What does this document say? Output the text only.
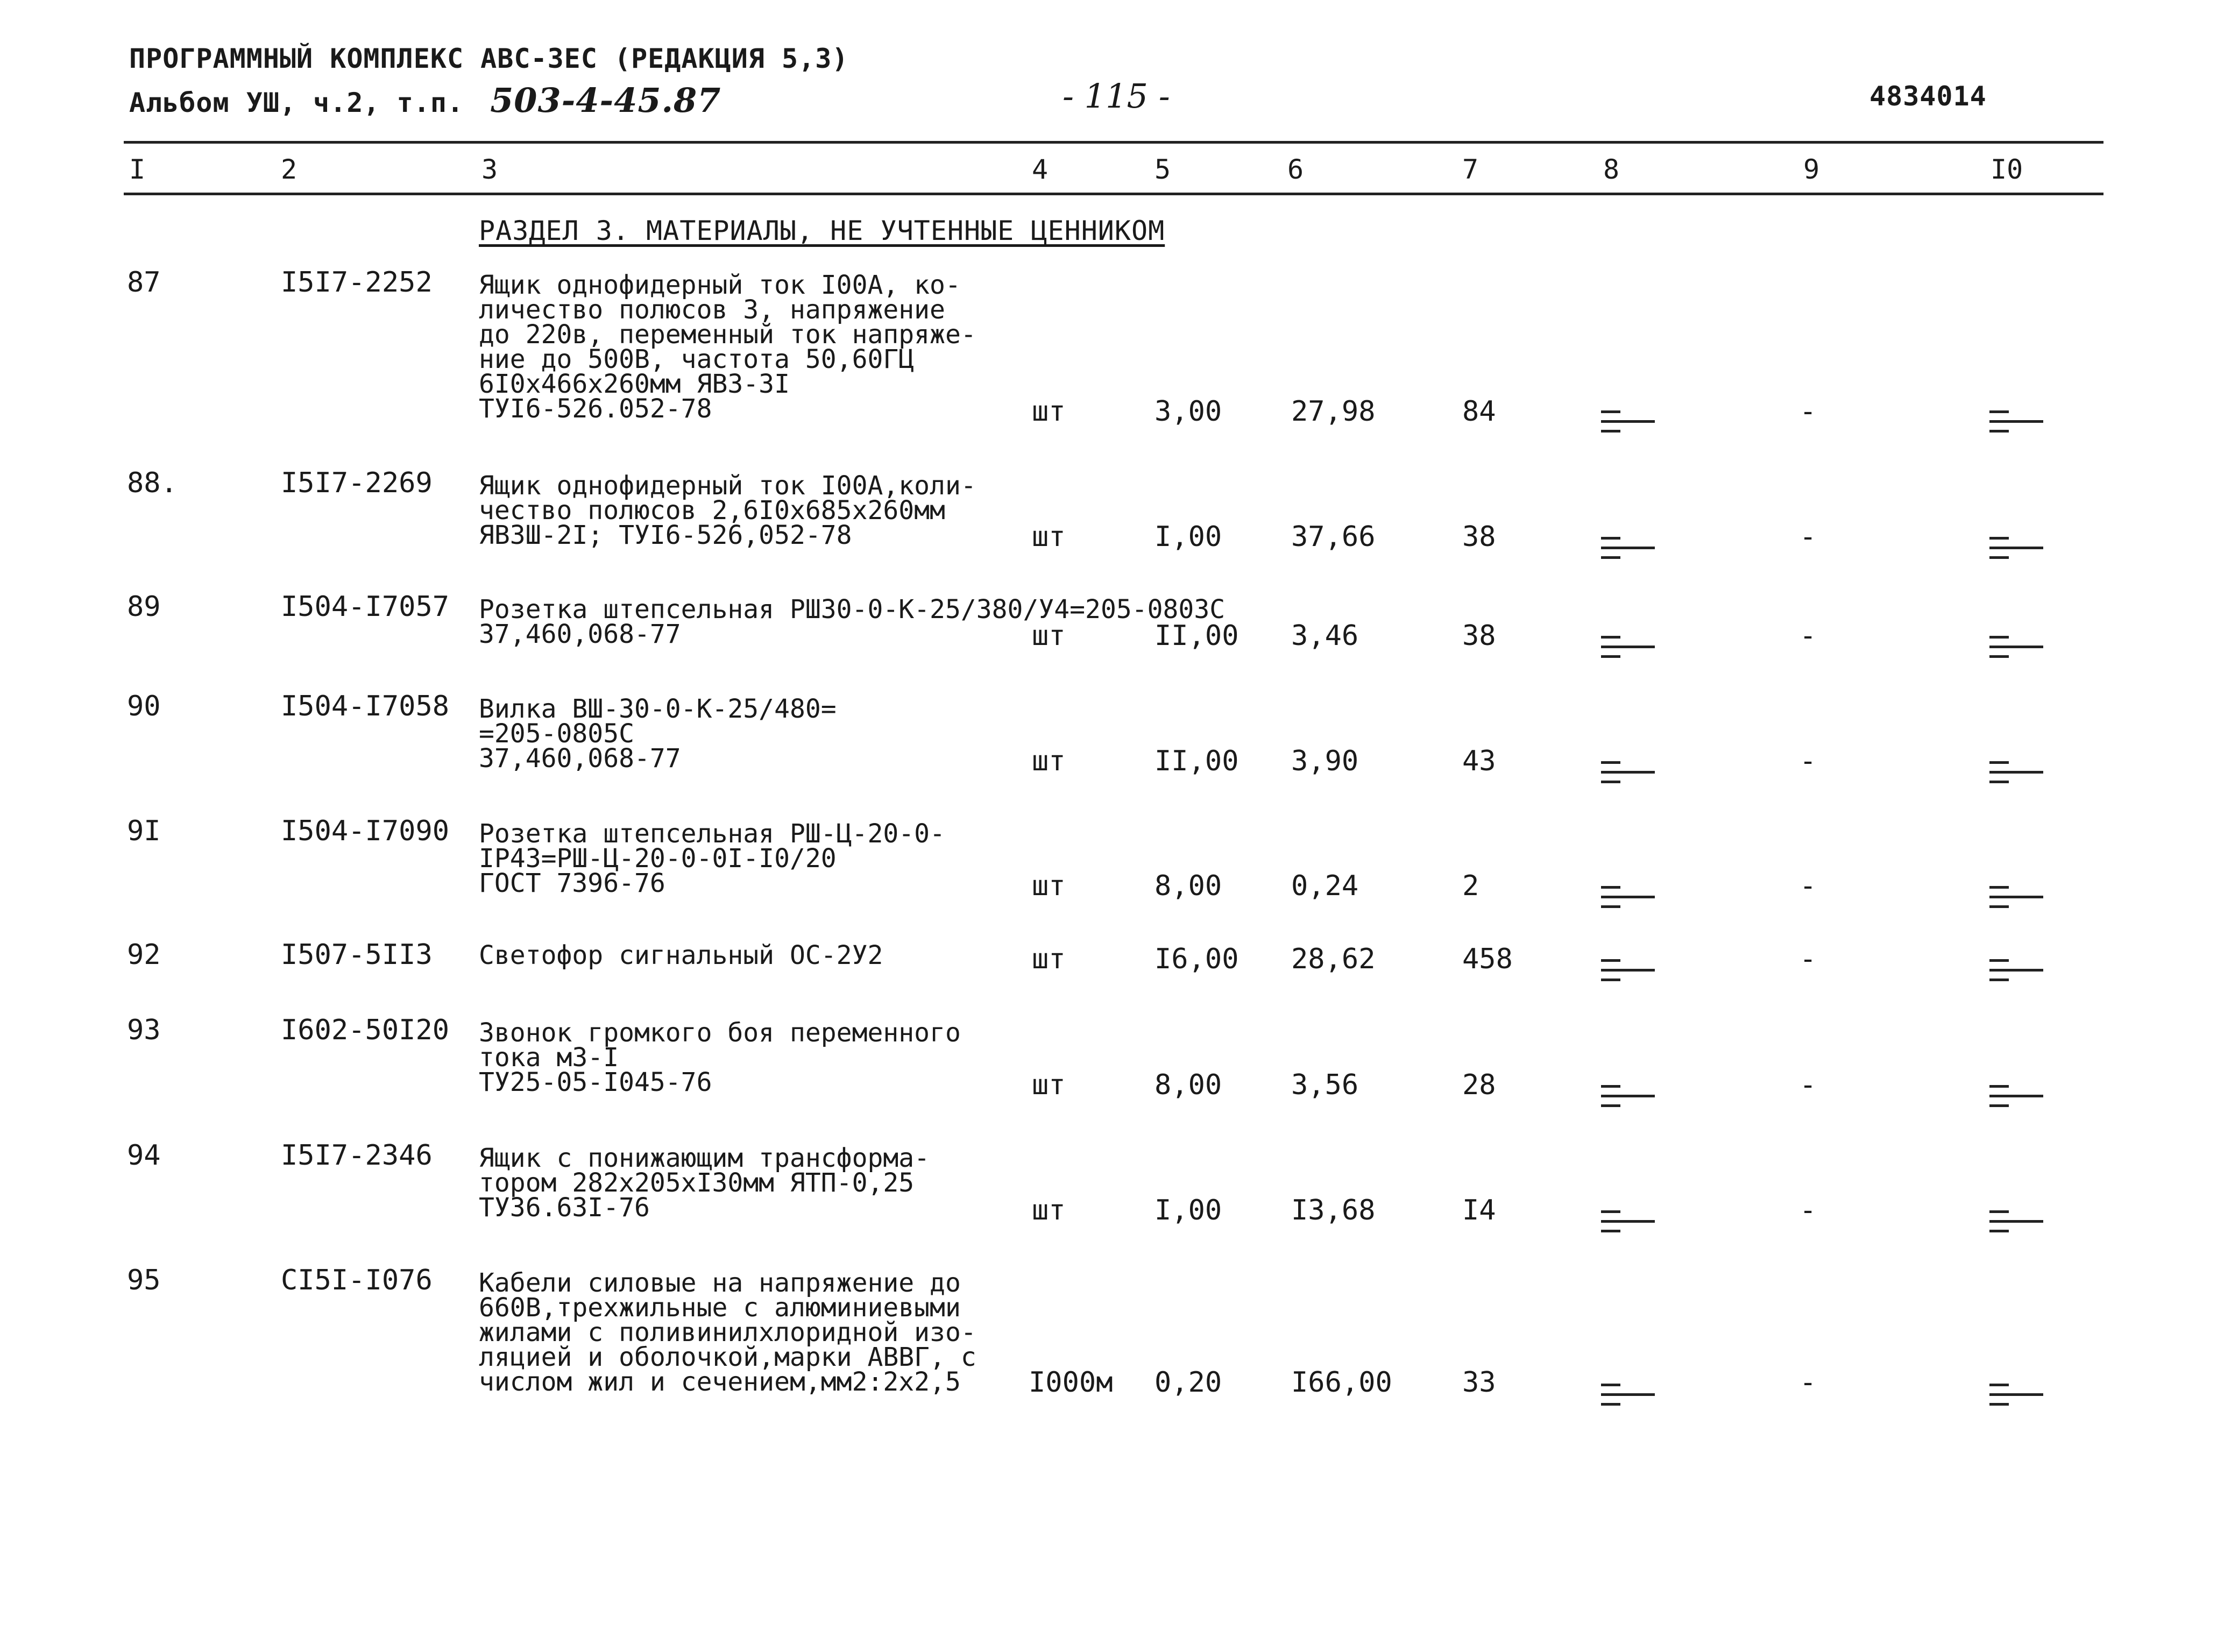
ПРОГРАММНЫЙ КОМПЛЕКС АВС-ЗЕС (РЕДАКЦИЯ 5,3)
Альбом УШ, ч.2, т.п. 503-4-45.87	- 115 -	4834014
I	2	3	4	5	6	7	8	9	I0
РАЗДЕЛ 3. МАТЕРИАЛЫ, НЕ УЧТЕННЫЕ ЦЕННИКОМ
87	I5I7-2252 Ящик однофидерный ток I00А, ко-
личество полюсов 3, напряжение
до 220в, переменный ток напряже-
ние до 500В, частота 50,60ГЦ
6I0х466х260мм ЯВЗ-3I
ТУI6-526.052-78	шт	3,00 27,98	84	-
88.	I5I7-2269 Ящик однофидерный ток I00А,коли-
чество полюсов 2,6I0х685х260мм
ЯВЗШ-2I; ТУI6-526,052-78	шт	I,00 37,66	38	-
89	I504-I7057 Розетка штепсельная РШ30-0-К-25/380/У4=205-0803С
37,460,068-77	шт	II,00 3,46	38	-
90	I504-I7058 Вилка ВШ-30-0-К-25/480=
=205-0805С
37,460,068-77	шт	II,00 3,90	43	-
9I	I504-I7090 Розетка штепсельная РШ-Ц-20-0-
IР43=РШ-Ц-20-0-0I-I0/20
ГОСТ 7396-76	шт	8,00 0,24	2	-
92	I507-5II3 Светофор сигнальный ОС-2У2	шт	I6,00 28,62	458	-
93	I602-50I20 Звонок громкого боя переменного
тока мЗ-I
ТУ25-05-I045-76	шт	8,00 3,56	28	-
94	I5I7-2346 Ящик с понижающим трансформа-
тором 282х205хI30мм ЯТП-0,25
ТУ36.63I-76	шт	I,00 I3,68	I4	-
95	СI5I-I076 Кабели силовые на напряжение до
660В,трехжильные с алюминиевыми
жилами с поливинилхлоридной изо-
ляцией и оболочкой,марки АВВГ, с
числом жил и сечением,мм2:2х2,5	I000м 0,20 I66,00	33	-
